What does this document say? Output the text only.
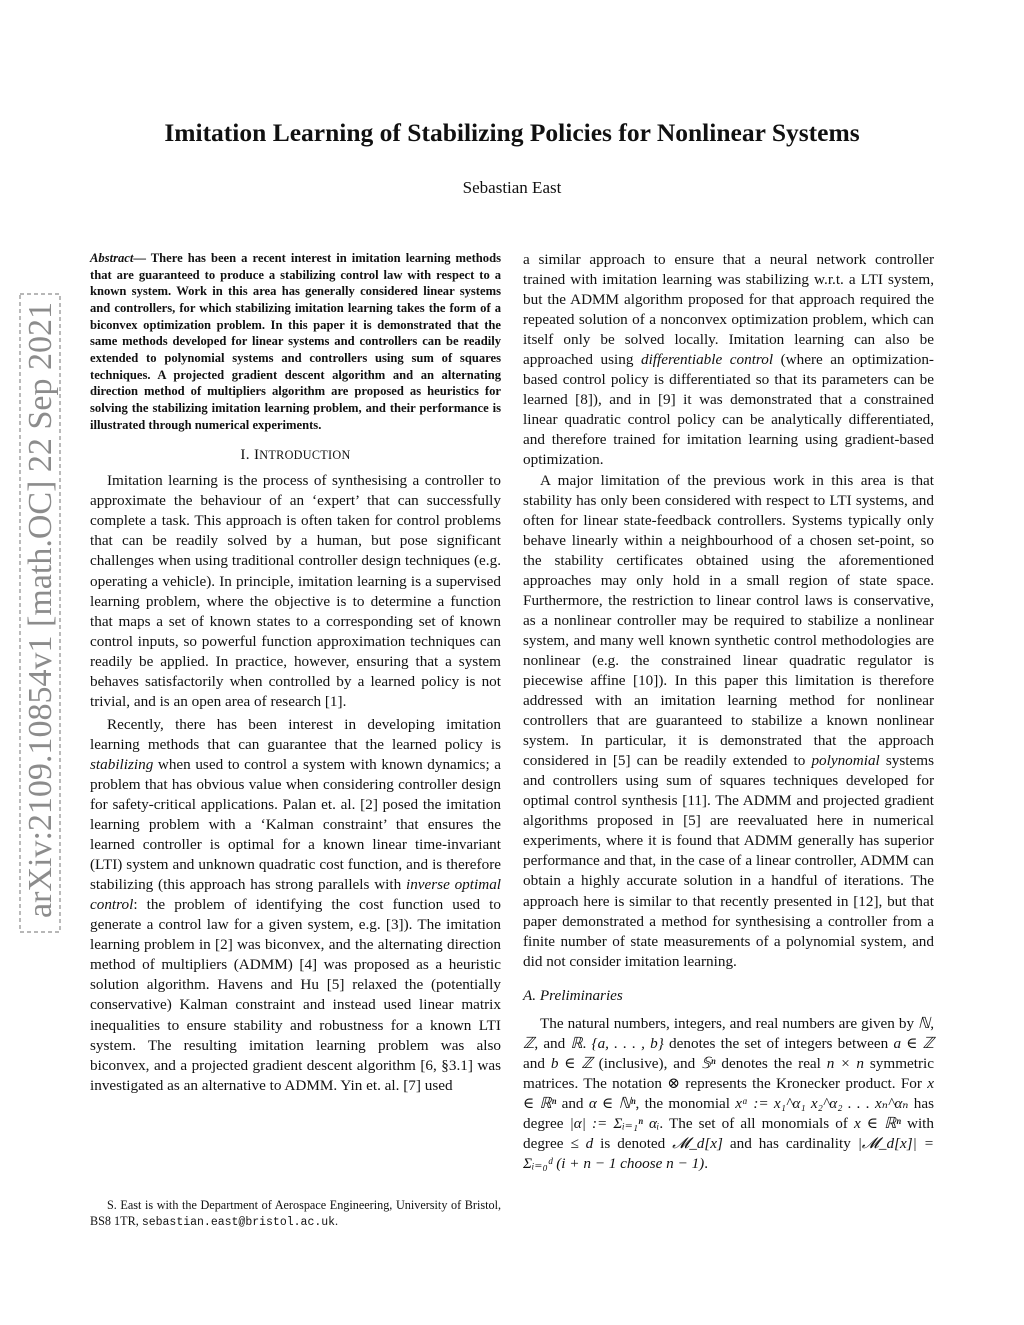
Imitation Learning of Stabilizing Policies for Nonlinear Systems
Sebastian East
arXiv:2109.10854v1 [math.OC] 22 Sep 2021

Abstract— There has been a recent interest in imitation learning methods that are guaranteed to produce a stabilizing control law with respect to a known system. Work in this area has generally considered linear systems and controllers, for which stabilizing imitation learning takes the form of a biconvex optimization problem. In this paper it is demonstrated that the same methods developed for linear systems and controllers can be readily extended to polynomial systems and controllers using sum of squares techniques. A projected gradient descent algorithm and an alternating direction method of multipliers algorithm are proposed as heuristics for solving the stabilizing imitation learning problem, and their performance is illustrated through numerical experiments.

I. INTRODUCTION

Imitation learning is the process of synthesising a controller to approximate the behaviour of an ‘expert’ that can successfully complete a task. This approach is often taken for control problems that can be readily solved by a human, but pose significant challenges when using traditional controller design techniques (e.g. operating a vehicle). In principle, imitation learning is a supervised learning problem, where the objective is to determine a function that maps a set of known states to a corresponding set of known control inputs, so powerful function approximation techniques can readily be applied. In practice, however, ensuring that a system behaves satisfactorily when controlled by a learned policy is not trivial, and is an open area of research [1].

Recently, there has been interest in developing imitation learning methods that can guarantee that the learned policy is stabilizing when used to control a system with known dynamics; a problem that has obvious value when considering controller design for safety-critical applications. Palan et. al. [2] posed the imitation learning problem with a ‘Kalman constraint’ that ensures the learned controller is optimal for a known linear time-invariant (LTI) system and unknown quadratic cost function, and is therefore stabilizing (this approach has strong parallels with inverse optimal control: the problem of identifying the cost function used to generate a control law for a given system, e.g. [3]). The imitation learning problem in [2] was biconvex, and the alternating direction method of multipliers (ADMM) [4] was proposed as a heuristic solution algorithm. Havens and Hu [5] relaxed the (potentially conservative) Kalman constraint and instead used linear matrix inequalities to ensure stability and robustness for a known LTI system. The resulting imitation learning problem was also biconvex, and a projected gradient descent algorithm [6, §3.1] was investigated as an alternative to ADMM. Yin et. al. [7] used

a similar approach to ensure that a neural network controller trained with imitation learning was stabilizing w.r.t. a LTI system, but the ADMM algorithm proposed for that approach required the repeated solution of a nonconvex optimization problem, which can itself only be solved locally. Imitation learning can also be approached using differentiable control (where an optimization-based control policy is differentiated so that its parameters can be learned [8]), and in [9] it was demonstrated that a constrained linear quadratic control policy can be analytically differentiated, and therefore trained for imitation learning using gradient-based optimization.

A major limitation of the previous work in this area is that stability has only been considered with respect to LTI systems, and often for linear state-feedback controllers. Systems typically only behave linearly within a neighbourhood of a chosen set-point, so the stability certificates obtained using the aforementioned approaches may only hold in a small region of state space. Furthermore, the restriction to linear control laws is conservative, as a nonlinear controller may be required to stabilize a nonlinear system, and many well known synthetic control methodologies are nonlinear (e.g. the constrained linear quadratic regulator is piecewise affine [10]). In this paper this limitation is therefore addressed with an imitation learning method for nonlinear controllers that are guaranteed to stabilize a known nonlinear system. In particular, it is demonstrated that the approach considered in [5] can be readily extended to polynomial systems and controllers using sum of squares techniques developed for optimal control synthesis [11]. The ADMM and projected gradient algorithms proposed in [5] are reevaluated here in numerical experiments, where it is found that ADMM generally has superior performance and that, in the case of a linear controller, ADMM can obtain a highly accurate solution in a handful of iterations. The approach here is similar to that recently presented in [12], but that paper demonstrated a method for synthesising a controller from a finite number of state measurements of a polynomial system, and did not consider imitation learning.

A. Preliminaries

The natural numbers, integers, and real numbers are given by ℕ, ℤ, and ℝ. {a, . . . , b} denotes the set of integers between a ∈ ℤ and b ∈ ℤ (inclusive), and 𝕊ⁿ denotes the real n × n symmetric matrices. The notation ⊗ represents the Kronecker product. For x ∈ ℝⁿ and α ∈ ℕⁿ, the monomial xᵅ := x₁^α₁ x₂^α₂ . . . xₙ^αₙ has degree |α| := Σᵢ₌₁ⁿ αᵢ. The set of all monomials of x ∈ ℝⁿ with degree ≤ d is denoted 𝓜_d[x] and has cardinality |𝓜_d[x]| = Σᵢ₌₀ᵈ (i + n − 1 choose n − 1).

S. East is with the Department of Aerospace Engineering, University of Bristol, BS8 1TR, sebastian.east@bristol.ac.uk.
